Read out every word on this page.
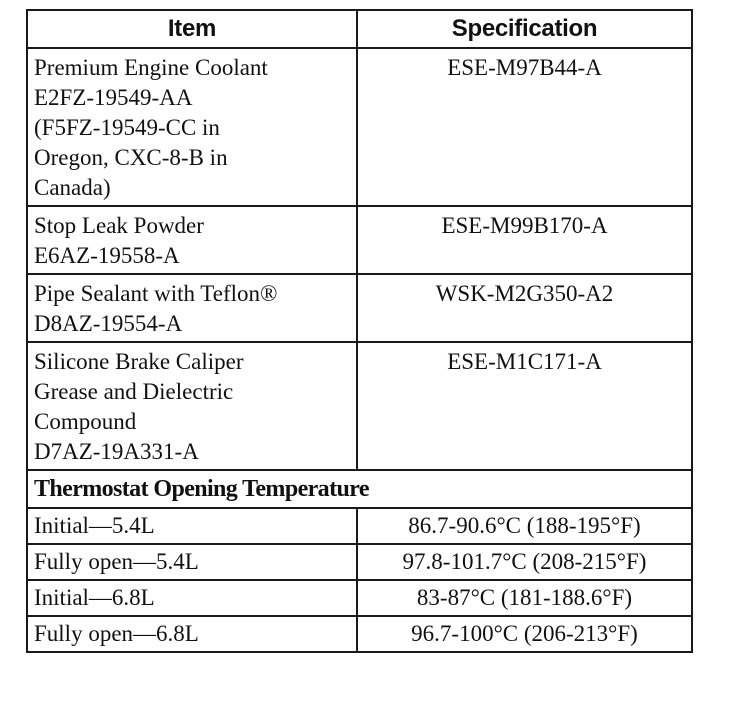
Item	Specification
Premium Engine Coolant
E2FZ-19549-AA
(F5FZ-19549-CC in
Oregon, CXC-8-B in
Canada)	ESE-M97B44-A
Stop Leak Powder
E6AZ-19558-A	ESE-M99B170-A
Pipe Sealant with Teflon®
D8AZ-19554-A	WSK-M2G350-A2
Silicone Brake Caliper
Grease and Dielectric
Compound
D7AZ-19A331-A	ESE-M1C171-A
Thermostat Opening Temperature	
Initial—5.4L	86.7-90.6°C (188-195°F)
Fully open—5.4L	97.8-101.7°C (208-215°F)
Initial—6.8L	83-87°C (181-188.6°F)
Fully open—6.8L	96.7-100°C (206-213°F)
